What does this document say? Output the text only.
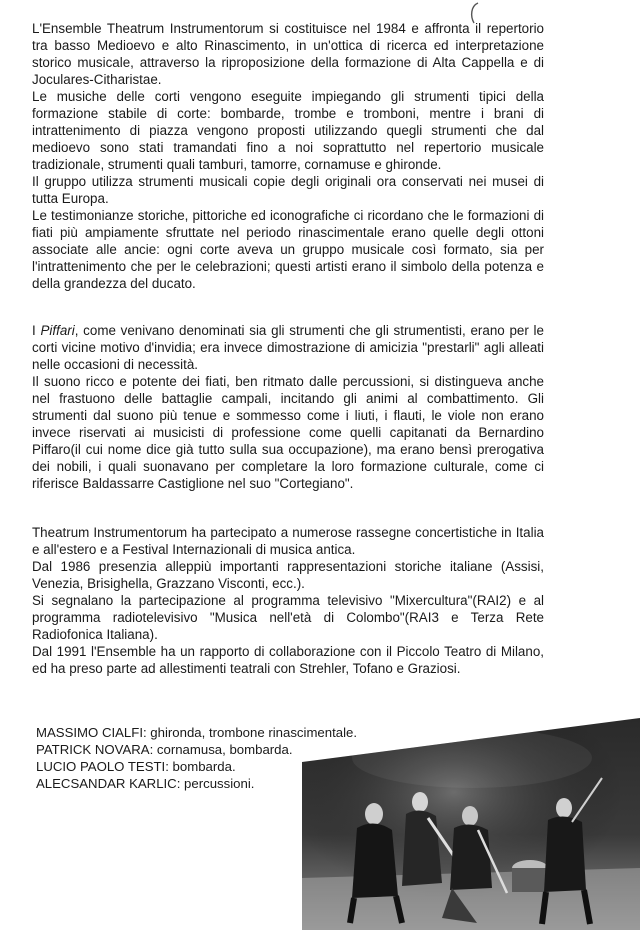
L'Ensemble Theatrum Instrumentorum si costituisce nel 1984 e affronta il repertorio tra basso Medioevo e alto Rinascimento, in un'ottica di ricerca ed interpretazione storico musicale, attraverso la riproposizione della formazione di Alta Cappella e di Joculares-Citharistae.

Le musiche delle corti vengono eseguite impiegando gli strumenti tipici della formazione stabile di corte: bombarde, trombe e tromboni, mentre i brani di intrattenimento di piazza vengono proposti utilizzando quegli strumenti che dal medioevo sono stati tramandati fino a noi soprattutto nel repertorio musicale tradizionale, strumenti quali tamburi, tamorre, cornamuse e ghironde.

Il gruppo utilizza strumenti musicali copie degli originali ora conservati nei musei di tutta Europa.

Le testimonianze storiche, pittoriche ed iconografiche ci ricordano che le formazioni di fiati più ampiamente sfruttate nel periodo rinascimentale erano quelle degli ottoni associate alle ancie: ogni corte aveva un gruppo musicale così formato, sia per l'intrattenimento che per le celebrazioni; questi artisti erano il simbolo della potenza e della grandezza del ducato.

I Piffari, come venivano denominati sia gli strumenti che gli strumentisti, erano per le corti vicine motivo d'invidia; era invece dimostrazione di amicizia "prestarli" agli alleati nelle occasioni di necessità.

Il suono ricco e potente dei fiati, ben ritmato dalle percussioni, si distingueva anche nel frastuono delle battaglie campali, incitando gli animi al combattimento. Gli strumenti dal suono più tenue e sommesso come i liuti, i flauti, le viole non erano invece riservati ai musicisti di professione come quelli capitanati da Bernardino Piffaro(il cui nome dice già tutto sulla sua occupazione), ma erano bensì prerogativa dei nobili, i quali suonavano per completare la loro formazione culturale, come ci riferisce Baldassarre Castiglione nel suo "Cortegiano".

Theatrum Instrumentorum ha partecipato a numerose rassegne concertistiche in Italia e all'estero e a Festival Internazionali di musica antica.

Dal 1986 presenzia alleppiù importanti rappresentazioni storiche italiane (Assisi, Venezia, Brisighella, Grazzano Visconti, ecc.).

Si segnalano la partecipazione al programma televisivo "Mixercultura"(RAI2) e al programma radiotelevisivo "Musica nell'età di Colombo"(RAI3 e Terza Rete Radiofonica Italiana).

Dal 1991 l'Ensemble ha un rapporto di collaborazione con il Piccolo Teatro di Milano, ed ha preso parte ad allestimenti teatrali con Strehler, Tofano e Graziosi.

MASSIMO CIALFI: ghironda, trombone rinascimentale.

PATRICK NOVARA: cornamusa, bombarda.

LUCIO PAOLO TESTI: bombarda.

ALECSANDAR KARLIC: percussioni.
